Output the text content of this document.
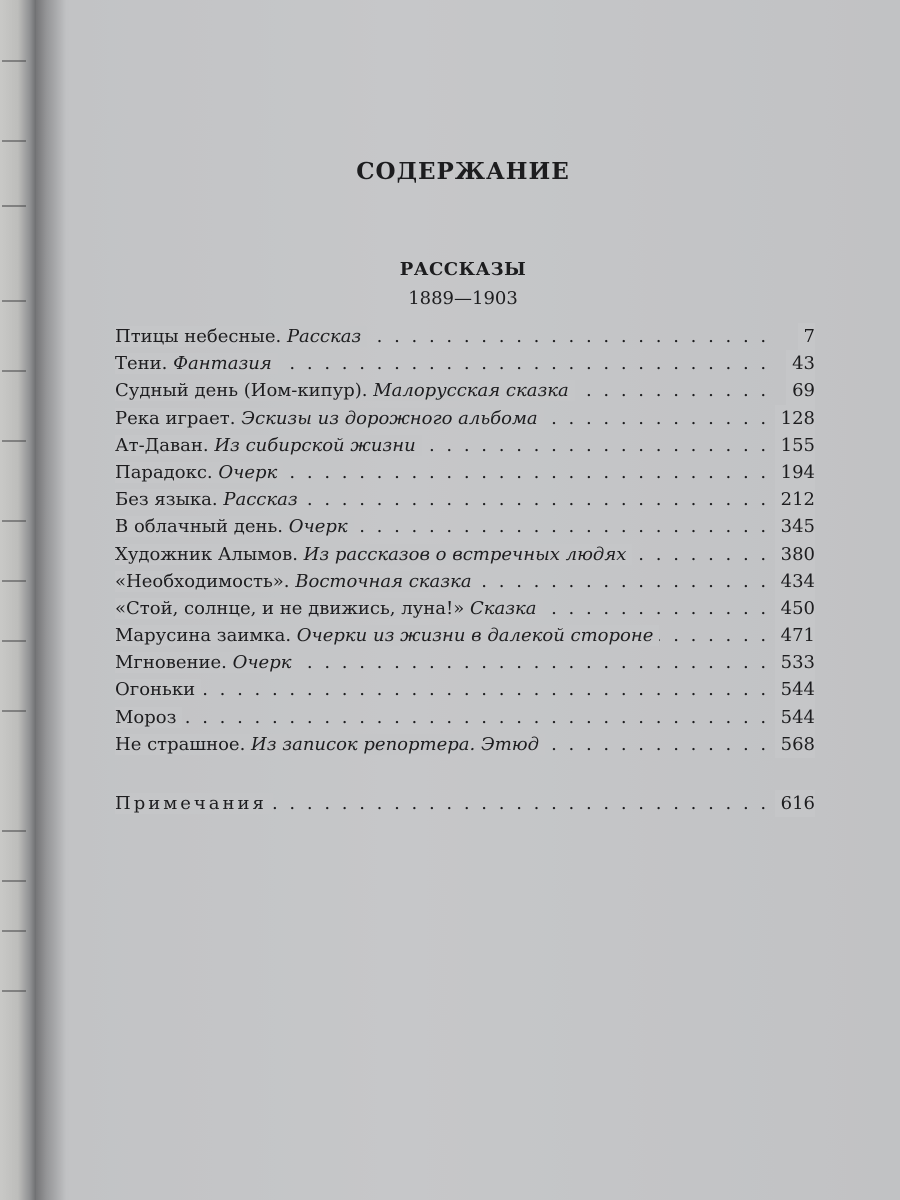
СОДЕРЖАНИЕ
РАССКАЗЫ
1889—1903
. . .
Птицы небесные. Рассказ	7
. . .
Тени. Фантазия	43
. . .
Судный день (Иом-кипур). Малорусская сказка	69
. . .
Река играет. Эскизы из дорожного альбома	128
. . .
Ат-Даван. Из сибирской жизни	155
. . .
Парадокс. Очерк	194
. . .
Без языка. Рассказ	212
. . .
В облачный день. Очерк	345
. . .
Художник Алымов. Из рассказов о встречных людях	380
. . .
«Необходимость». Восточная сказка	434
. . .
«Стой, солнце, и не движись, луна!» Сказка	450
. . .
Марусина заимка. Очерки из жизни в далекой стороне	471
. . .
Мгновение. Очерк	533
. . .
Огоньки	544
. . .
Мороз	544
. . .
Не страшное. Из записок репортера. Этюд	568
. . .
Примечания	616
